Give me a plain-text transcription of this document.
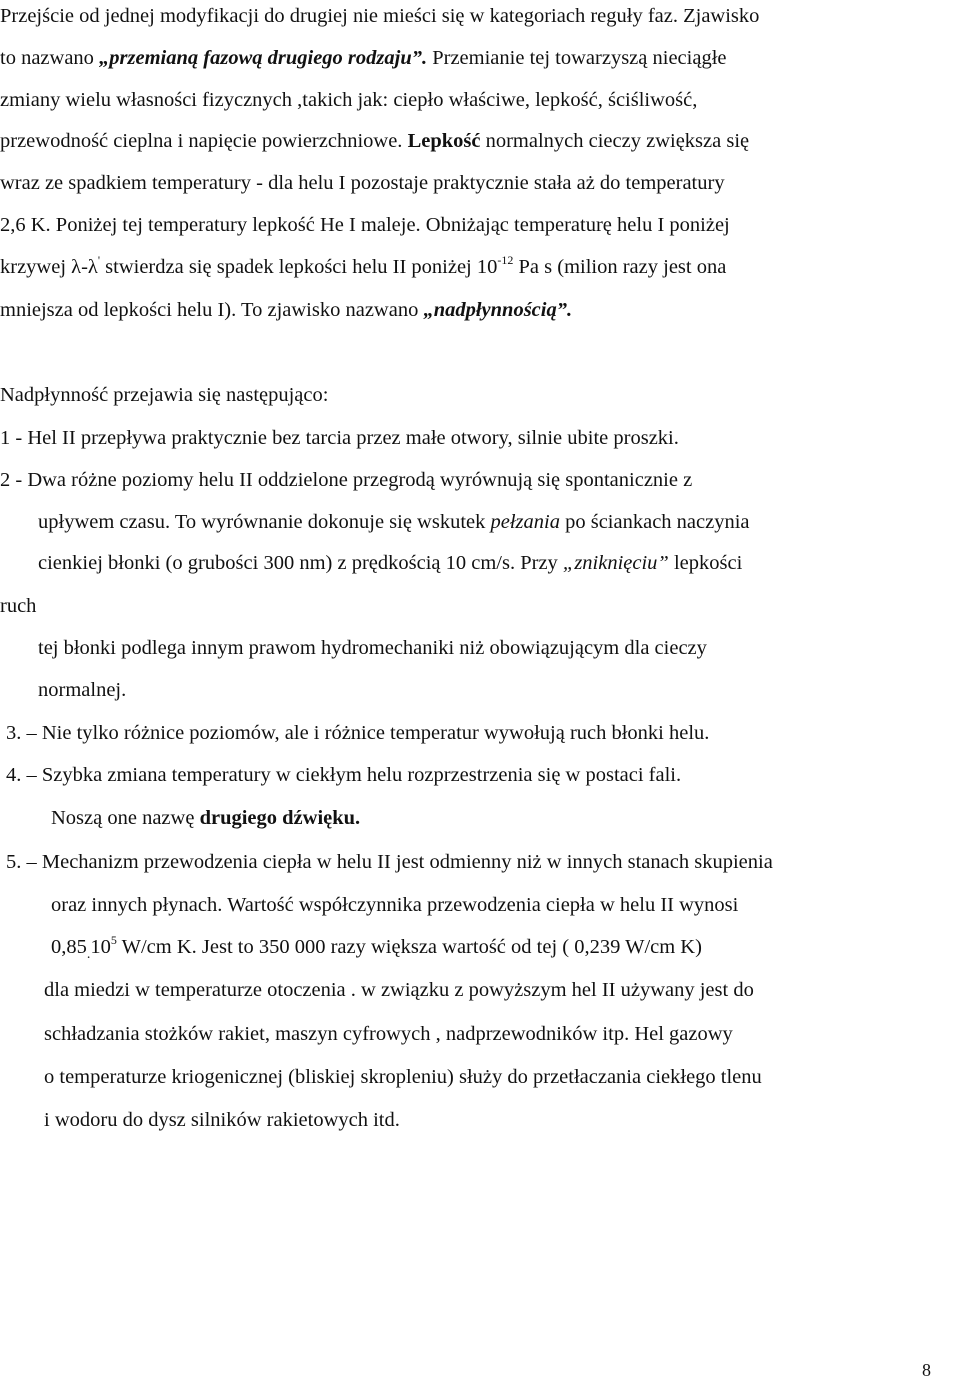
Przejście od jednej modyfikacji do drugiej nie mieści się w kategoriach reguły faz. Zjawisko
to nazwano „przemianą fazową drugiego rodzaju”. Przemianie tej towarzyszą nieciągłe
zmiany wielu własności fizycznych ,takich jak: ciepło właściwe, lepkość, ściśliwość,
przewodność cieplna i napięcie powierzchniowe. Lepkość normalnych cieczy zwiększa się
wraz ze spadkiem temperatury - dla helu I pozostaje praktycznie stała aż do temperatury
2,6 K. Poniżej tej temperatury lepkość He I maleje. Obniżając temperaturę helu I poniżej
krzywej λ-λ' stwierdza się spadek lepkości helu II poniżej $10^{-12}$ Pa s (milion razy jest ona
mniejsza od lepkości helu I). To zjawisko nazwano „nadpłynnością”.
Nadpłynność przejawia się następująco:
1 - Hel II przepływa praktycznie bez tarcia przez małe otwory, silnie ubite proszki.
2 - Dwa różne poziomy helu II oddzielone przegrodą wyrównują się spontanicznie z
upływem czasu. To wyrównanie dokonuje się wskutek pełzania po ściankach naczynia
cienkiej błonki (o grubości 300 nm) z prędkością 10 cm/s. Przy „zniknięciu” lepkości
ruch
tej błonki podlega innym prawom hydromechaniki niż obowiązującym dla cieczy
normalnej.
3. – Nie tylko różnice poziomów, ale i różnice temperatur wywołują ruch błonki helu.
4. – Szybka zmiana temperatury w ciekłym helu rozprzestrzenia się w postaci fali.
Noszą one nazwę drugiego dźwięku.
5. – Mechanizm przewodzenia ciepła w helu II jest odmienny niż w innych stanach skupienia
oraz innych płynach. Wartość współczynnika przewodzenia ciepła w helu II wynosi
$0,85_.10^5$ W/cm K. Jest to 350 000 razy większa wartość od tej ( 0,239 W/cm K)
dla miedzi w temperaturze otoczenia . w związku z powyższym hel II używany jest do
schładzania stożków rakiet, maszyn cyfrowych , nadprzewodników itp. Hel gazowy
o temperaturze kriogenicznej (bliskiej skropleniu) służy do przetłaczania ciekłego tlenu
i wodoru do dysz silników rakietowych itd.
8
